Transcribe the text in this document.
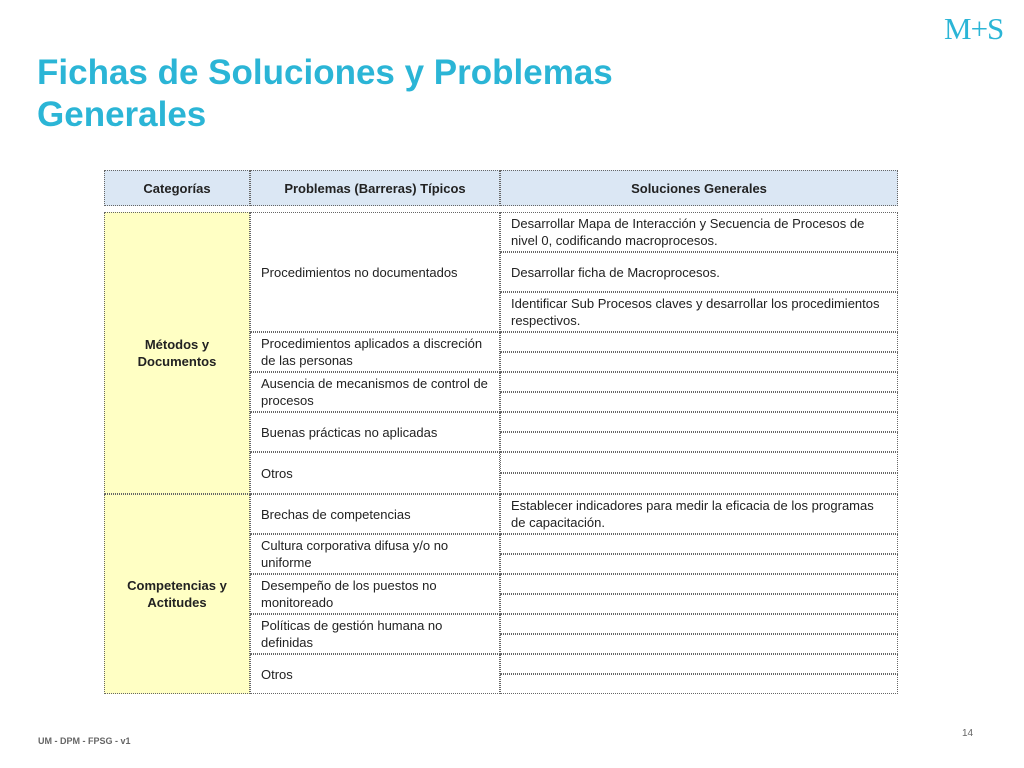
M+S
Fichas de Soluciones y Problemas Generales
Categorías	Problemas (Barreras) Típicos	Soluciones Generales
Métodos y Documentos
Competencias y Actitudes
Procedimientos no documentados
Procedimientos aplicados a discreción de las personas
Ausencia de mecanismos de control de procesos
Buenas prácticas no aplicadas
Otros
Brechas de competencias
Cultura corporativa difusa y/o no uniforme
Desempeño de los puestos no monitoreado
Políticas de gestión humana no definidas
Otros
Desarrollar Mapa de Interacción y Secuencia de Procesos de nivel 0, codificando macroprocesos.
Desarrollar ficha de Macroprocesos.
Identificar Sub Procesos claves y desarrollar los procedimientos respectivos.
Establecer indicadores para medir la eficacia de los programas de capacitación.
UM - DPM - FPSG - v1
14
